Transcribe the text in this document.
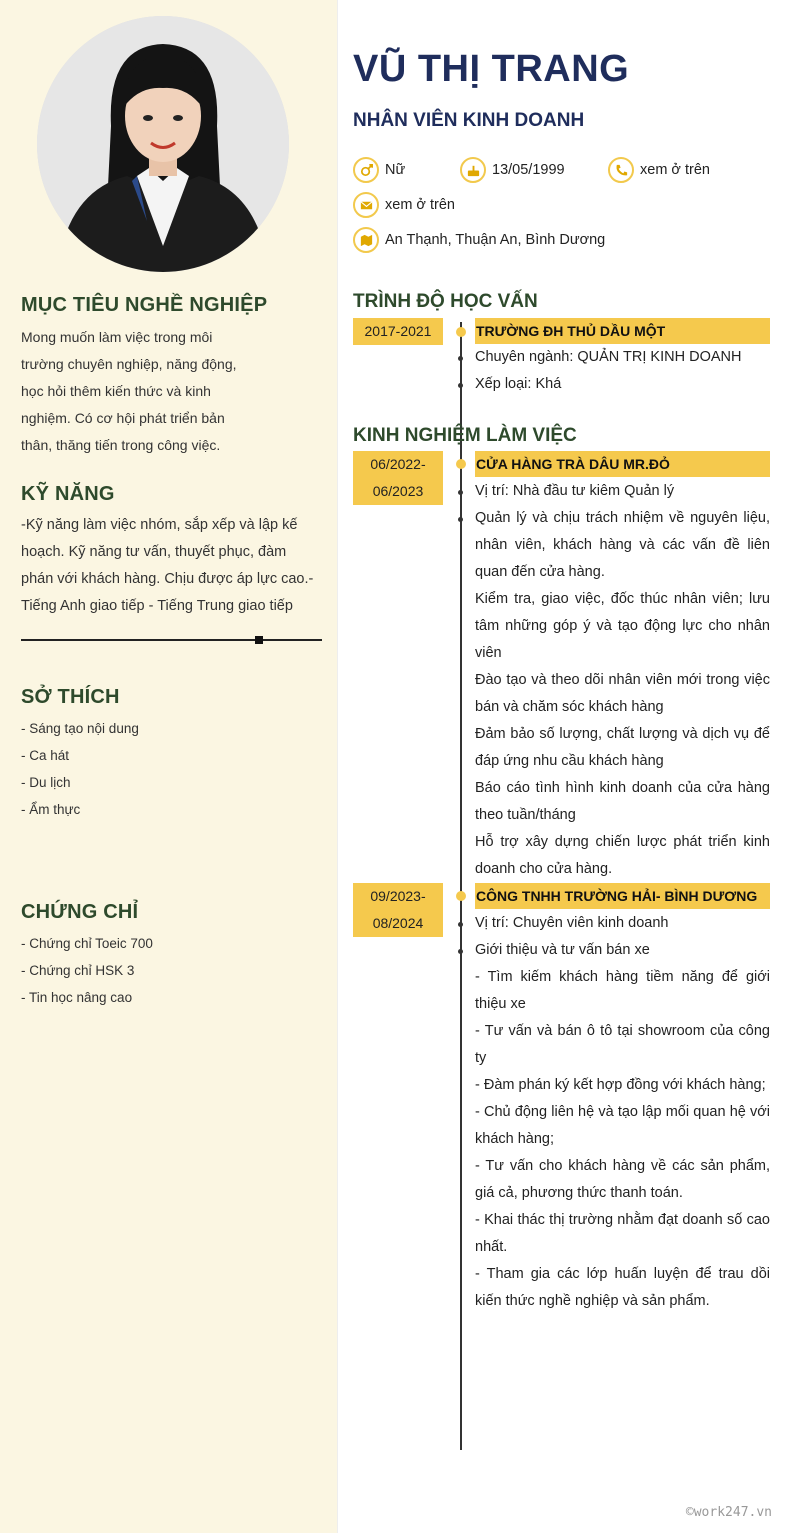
MỤC TIÊU NGHỀ NGHIỆP

Mong muốn làm việc trong môi

trường chuyên nghiệp, năng động,

học hỏi thêm kiến thức và kinh

nghiệm. Có cơ hội phát triển bản

thân, thăng tiến trong công việc.

KỸ NĂNG

-Kỹ năng làm việc nhóm, sắp xếp và lập kế

hoạch. Kỹ năng tư vấn, thuyết phục, đàm

phán với khách hàng. Chịu được áp lực cao.-

Tiếng Anh giao tiếp - Tiếng Trung giao tiếp

SỞ THÍCH
- Sáng tạo nội dung
- Ca hát
- Du lịch
- Ẩm thực
CHỨNG CHỈ
- Chứng chỉ Toeic 700
- Chứng chỉ HSK 3
- Tin học nâng cao
VŨ THỊ TRANG
NHÂN VIÊN KINH DOANH
Nữ	13/05/1999	xem ở trên
xem ở trên
An Thạnh, Thuận An, Bình Dương
TRÌNH ĐỘ HỌC VẤN
2017-2021	TRƯỜNG ĐH THỦ DẦU MỘT
Chuyên ngành: QUẢN TRỊ KINH DOANH
Xếp loại: Khá
KINH NGHIỆM LÀM VIỆC
06/2022-
06/2023
CỬA HÀNG TRÀ DÂU MR.ĐỎ
Vị trí: Nhà đầu tư kiêm Quản lý
Quản lý và chịu trách nhiệm về nguyên liệu, nhân viên, khách hàng và các vấn đề liên quan đến cửa hàng.
Kiểm tra, giao việc, đốc thúc nhân viên; lưu tâm những góp ý và tạo động lực cho nhân viên
Đào tạo và theo dõi nhân viên mới trong việc bán và chăm sóc khách hàng
Đảm bảo số lượng, chất lượng và dịch vụ để đáp ứng nhu cầu khách hàng
Báo cáo tình hình kinh doanh của cửa hàng theo tuần/tháng
Hỗ trợ xây dựng chiến lược phát triển kinh doanh cho cửa hàng.
09/2023-
08/2024
CÔNG TNHH TRƯỜNG HẢI- BÌNH DƯƠNG
Vị trí: Chuyên viên kinh doanh
Giới thiệu và tư vấn bán xe
- Tìm kiếm khách hàng tiềm năng để giới thiệu xe
- Tư vấn và bán ô tô tại showroom của công ty
- Đàm phán ký kết hợp đồng với khách hàng;
- Chủ động liên hệ và tạo lập mối quan hệ với khách hàng;
- Tư vấn cho khách hàng về các sản phẩm, giá cả, phương thức thanh toán.
- Khai thác thị trường nhằm đạt doanh số cao nhất.
- Tham gia các lớp huấn luyện để trau dồi kiến thức nghề nghiệp và sản phẩm.
©work247.vn
